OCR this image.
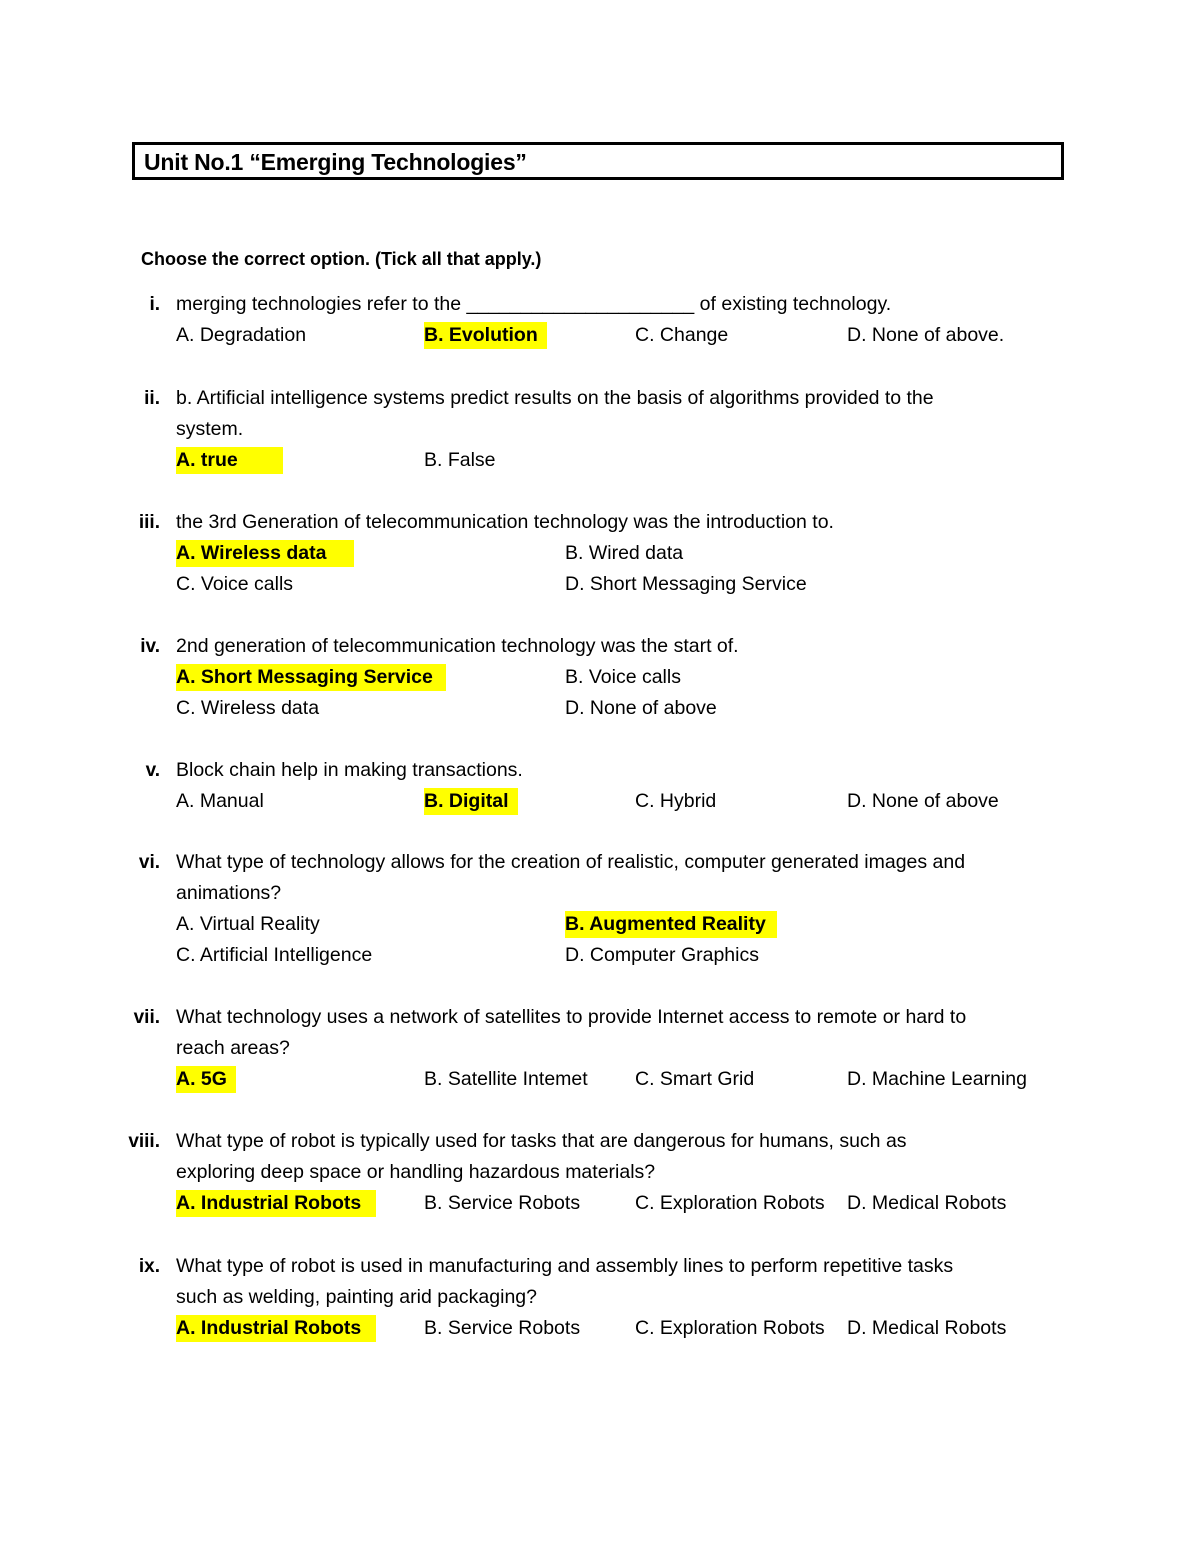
Unit No.1 “Emerging Technologies”
Choose the correct option. (Tick all that apply.)
i. merging technologies refer to the _____________________ of existing technology.
A. Degradation	B. Evolution	C. Change	D. None of above.
ii. b. Artificial intelligence systems predict results on the basis of algorithms provided to the
system.
A. true	B. False
iii. the 3rd Generation of telecommunication technology was the introduction to.
A. Wireless data	B. Wired data
C. Voice calls	D. Short Messaging Service
iv. 2nd generation of telecommunication technology was the start of.
A. Short Messaging Service	B. Voice calls
C. Wireless data	D. None of above
v. Block chain help in making transactions.
A. Manual	B. Digital	C. Hybrid	D. None of above
vi. What type of technology allows for the creation of realistic, computer generated images and
animations?
A. Virtual Reality	B. Augmented Reality
C. Artificial Intelligence	D. Computer Graphics
vii. What technology uses a network of satellites to provide Internet access to remote or hard to
reach areas?
A. 5G	B. Satellite Intemet C. Smart Grid	D. Machine Learning
viii. What type of robot is typically used for tasks that are dangerous for humans, such as
exploring deep space or handling hazardous materials?
A. Industrial Robots	B. Service Robots	C. Exploration Robots D. Medical Robots
ix. What type of robot is used in manufacturing and assembly lines to perform repetitive tasks
such as welding, painting arid packaging?
A. Industrial Robots	B. Service Robots	C. Exploration Robots D. Medical Robots
